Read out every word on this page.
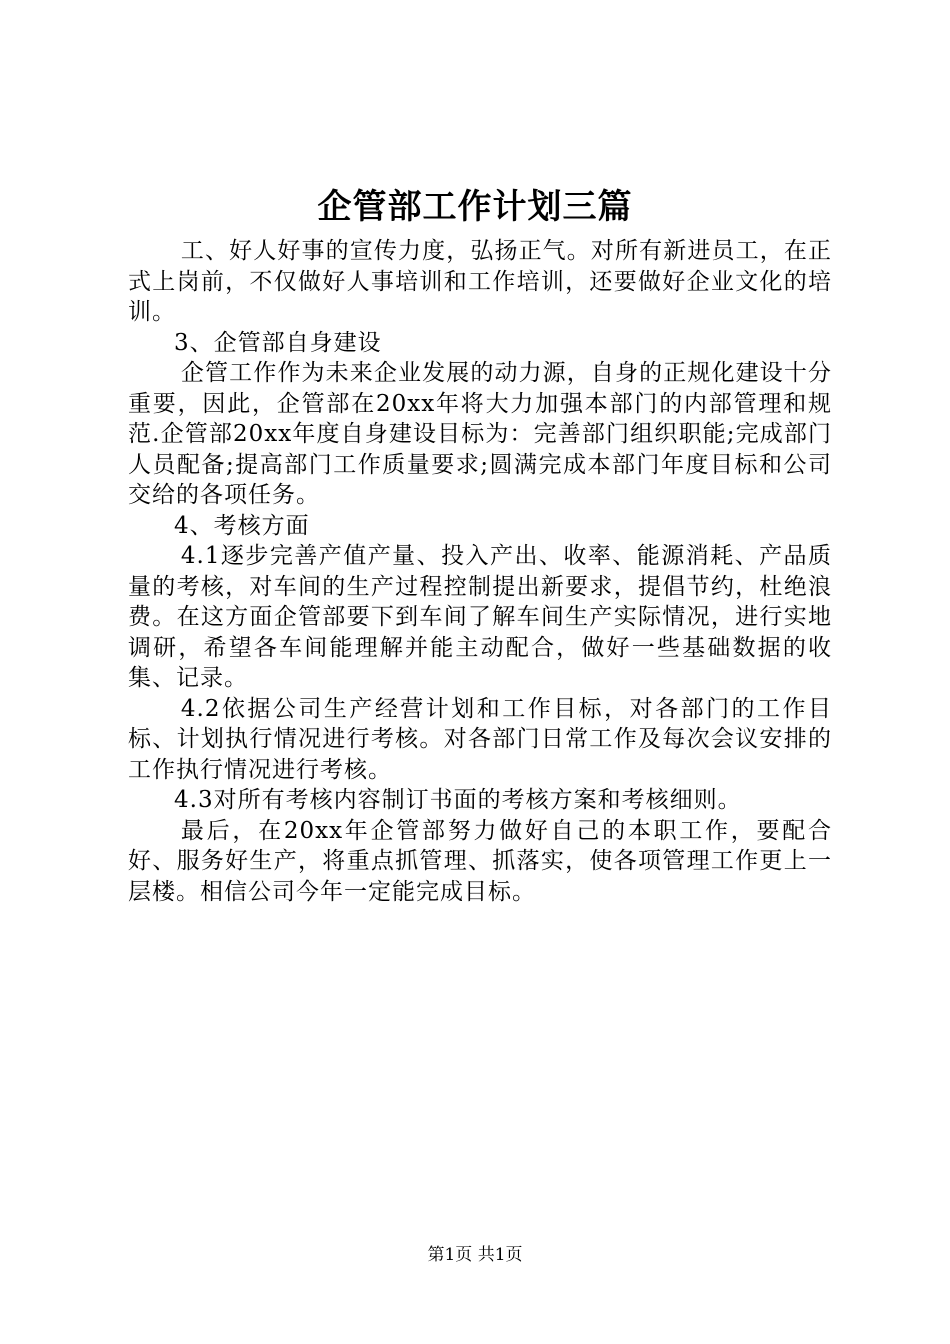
企管部工作计划三篇

工、好人好事的宣传力度，弘扬正气。对所有新进员工，在正式上岗前，不仅做好人事培训和工作培训，还要做好企业文化的培训。

3、企管部自身建设

企管工作作为未来企业发展的动力源，自身的正规化建设十分重要，因此，企管部在20xx年将大力加强本部门的内部管理和规范.企管部20xx年度自身建设目标为：完善部门组织职能;完成部门人员配备;提高部门工作质量要求;圆满完成本部门年度目标和公司交给的各项任务。

4、考核方面

4.1逐步完善产值产量、投入产出、收率、能源消耗、产品质量的考核，对车间的生产过程控制提出新要求，提倡节约，杜绝浪费。在这方面企管部要下到车间了解车间生产实际情况，进行实地调研，希望各车间能理解并能主动配合，做好一些基础数据的收集、记录。

4.2依据公司生产经营计划和工作目标，对各部门的工作目标、计划执行情况进行考核。对各部门日常工作及每次会议安排的工作执行情况进行考核。

4.3对所有考核内容制订书面的考核方案和考核细则。

最后，在20xx年企管部努力做好自己的本职工作，要配合好、服务好生产，将重点抓管理、抓落实，使各项管理工作更上一层楼。相信公司今年一定能完成目标。

第1页 共1页
